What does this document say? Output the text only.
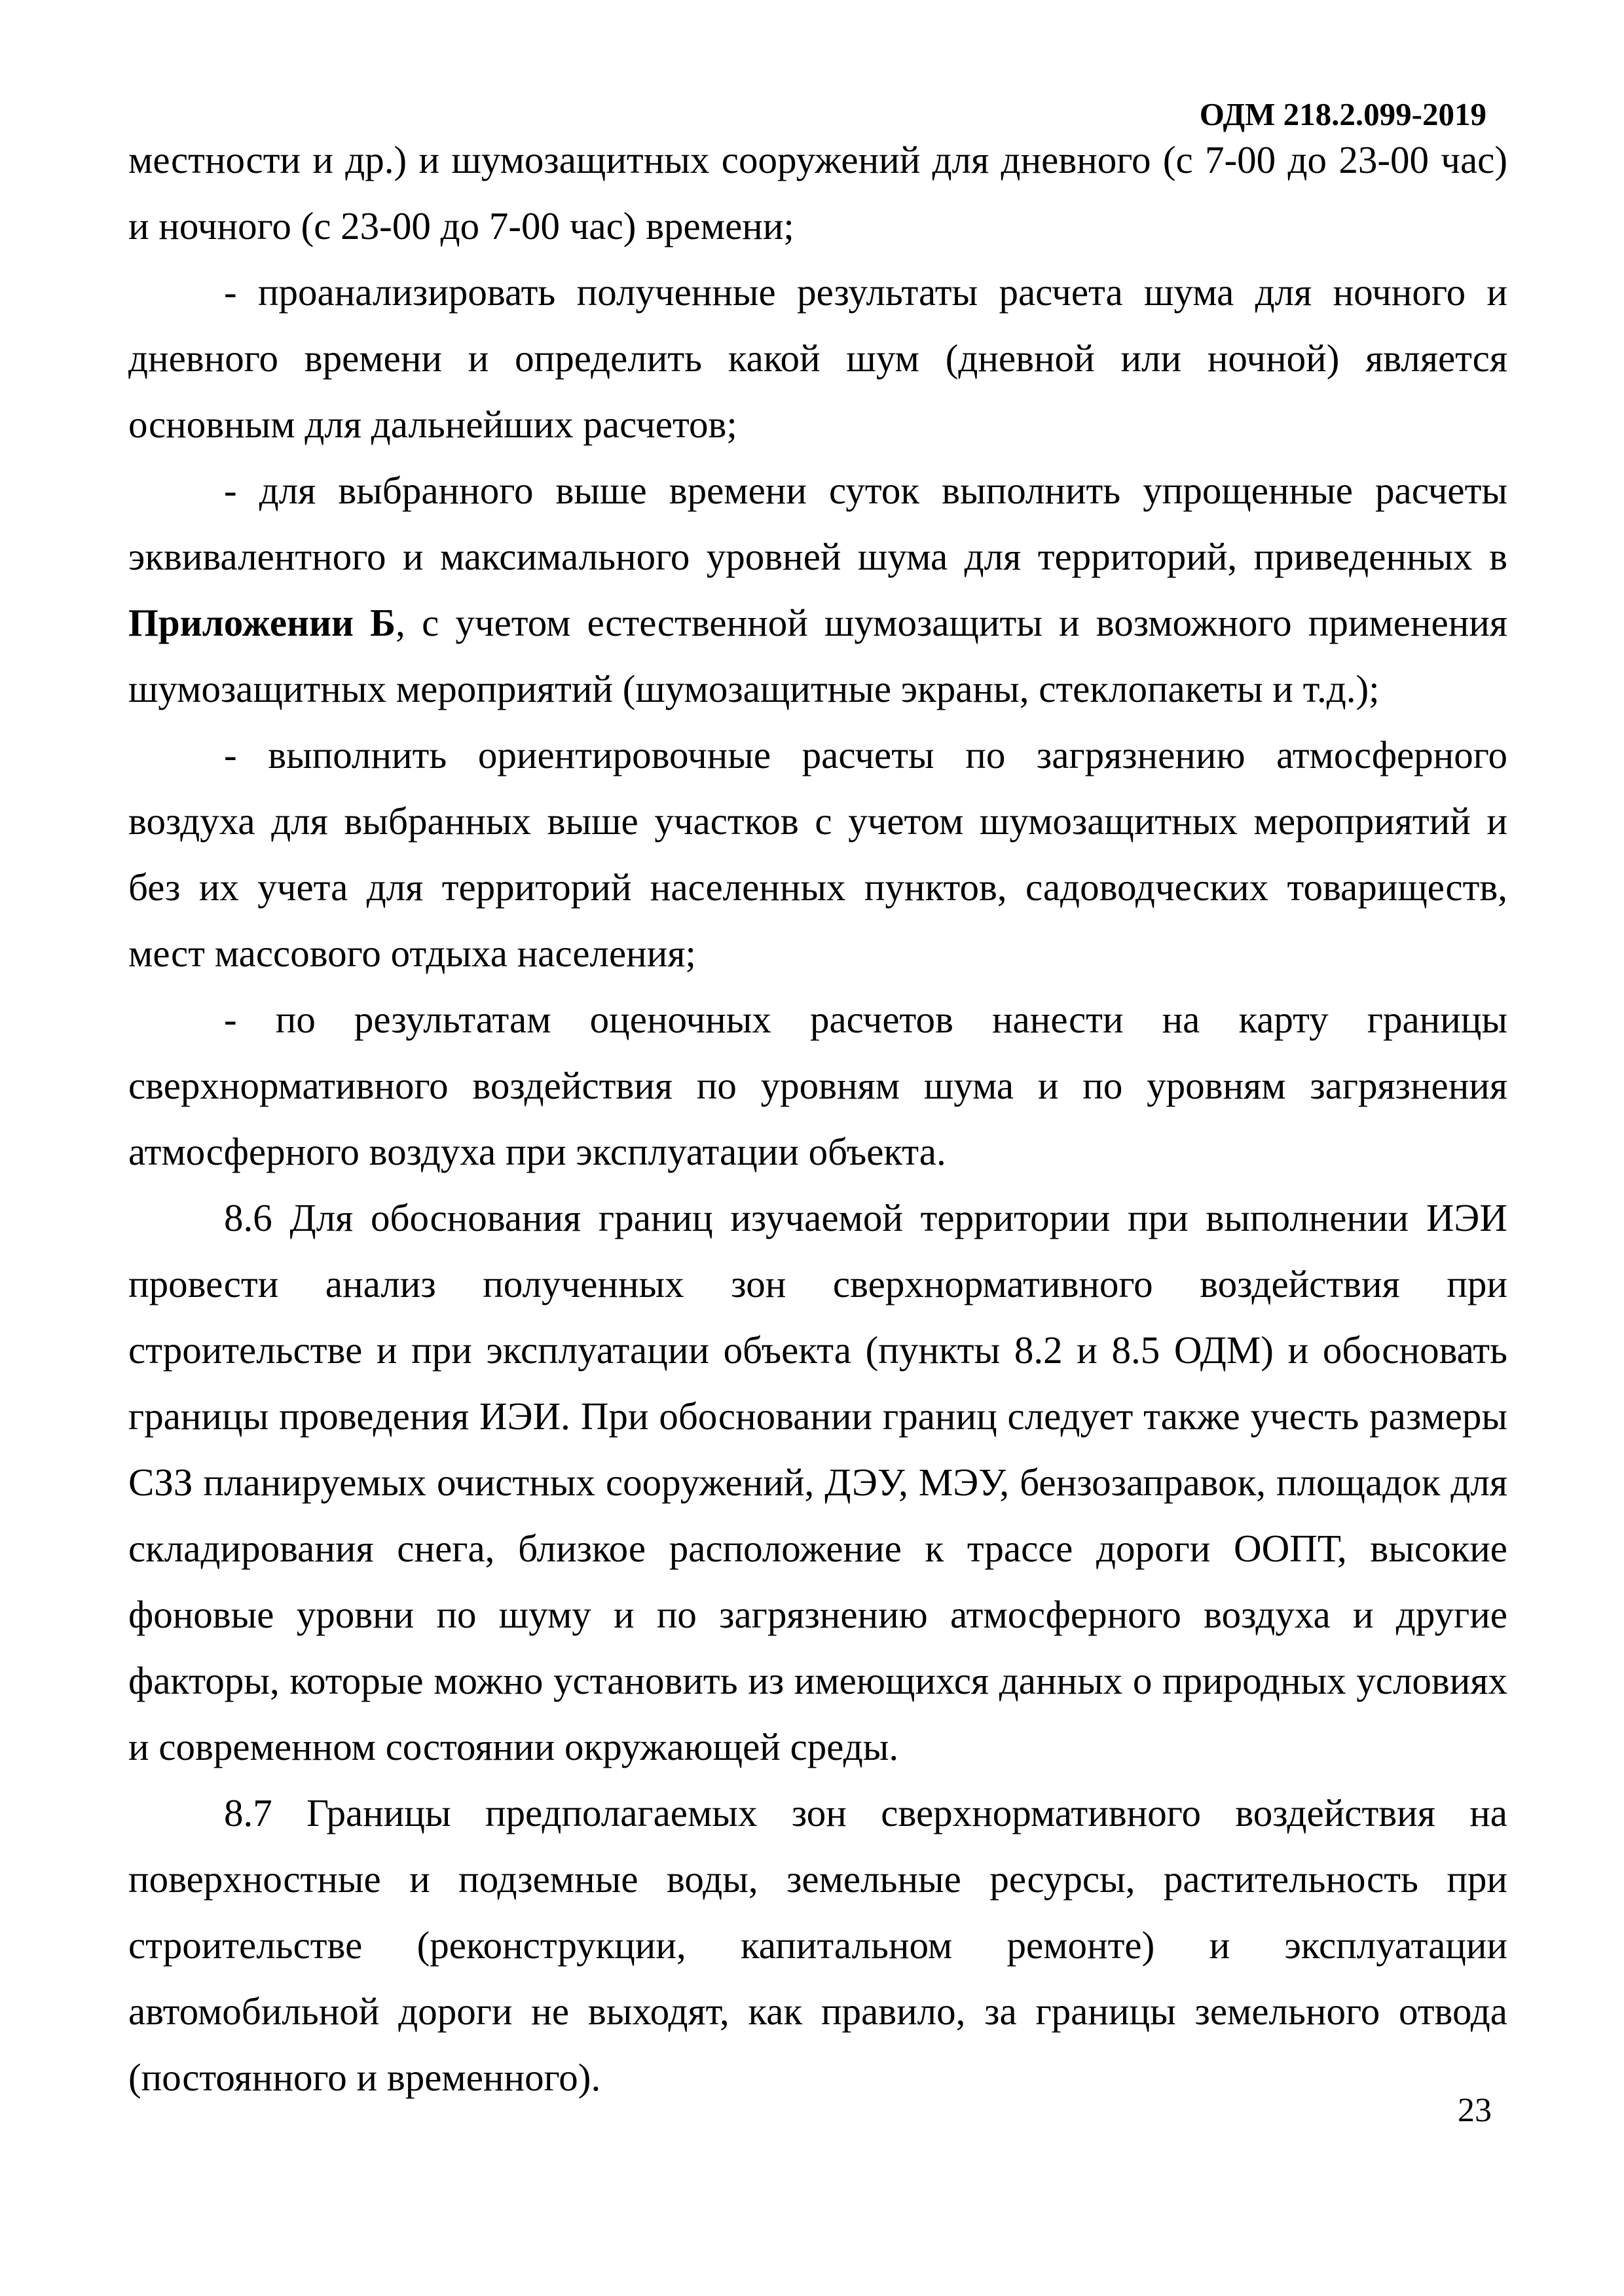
ОДМ 218.2.099-2019

местности и др.) и шумозащитных сооружений для дневного (с 7-00 до 23-00 час) и ночного (с 23-00 до 7-00 час) времени;

- проанализировать полученные результаты расчета шума для ночного и дневного времени и определить какой шум (дневной или ночной) является основным для дальнейших расчетов;

- для выбранного выше времени суток выполнить упрощенные расчеты эквивалентного и максимального уровней шума для территорий, приведенных в Приложении Б, с учетом естественной шумозащиты и возможного применения шумозащитных мероприятий (шумозащитные экраны, стеклопакеты и т.д.);

- выполнить ориентировочные расчеты по загрязнению атмосферного воздуха для выбранных выше участков с учетом шумозащитных мероприятий и без их учета для территорий населенных пунктов, садоводческих товариществ, мест массового отдыха населения;

- по результатам оценочных расчетов нанести на карту границы сверхнормативного воздействия по уровням шума и по уровням загрязнения атмосферного воздуха при эксплуатации объекта.

8.6 Для обоснования границ изучаемой территории при выполнении ИЭИ провести анализ полученных зон сверхнормативного воздействия при строительстве и при эксплуатации объекта (пункты 8.2 и 8.5 ОДМ) и обосновать границы проведения ИЭИ. При обосновании границ следует также учесть размеры СЗЗ планируемых очистных сооружений, ДЭУ, МЭУ, бензозаправок, площадок для складирования снега, близкое расположение к трассе дороги ООПТ, высокие фоновые уровни по шуму и по загрязнению атмосферного воздуха и другие факторы, которые можно установить из имеющихся данных о природных условиях и современном состоянии окружающей среды.

8.7 Границы предполагаемых зон сверхнормативного воздействия на поверхностные и подземные воды, земельные ресурсы, растительность при строительстве (реконструкции, капитальном ремонте) и эксплуатации автомобильной дороги не выходят, как правило, за границы земельного отвода (постоянного и временного).

23
